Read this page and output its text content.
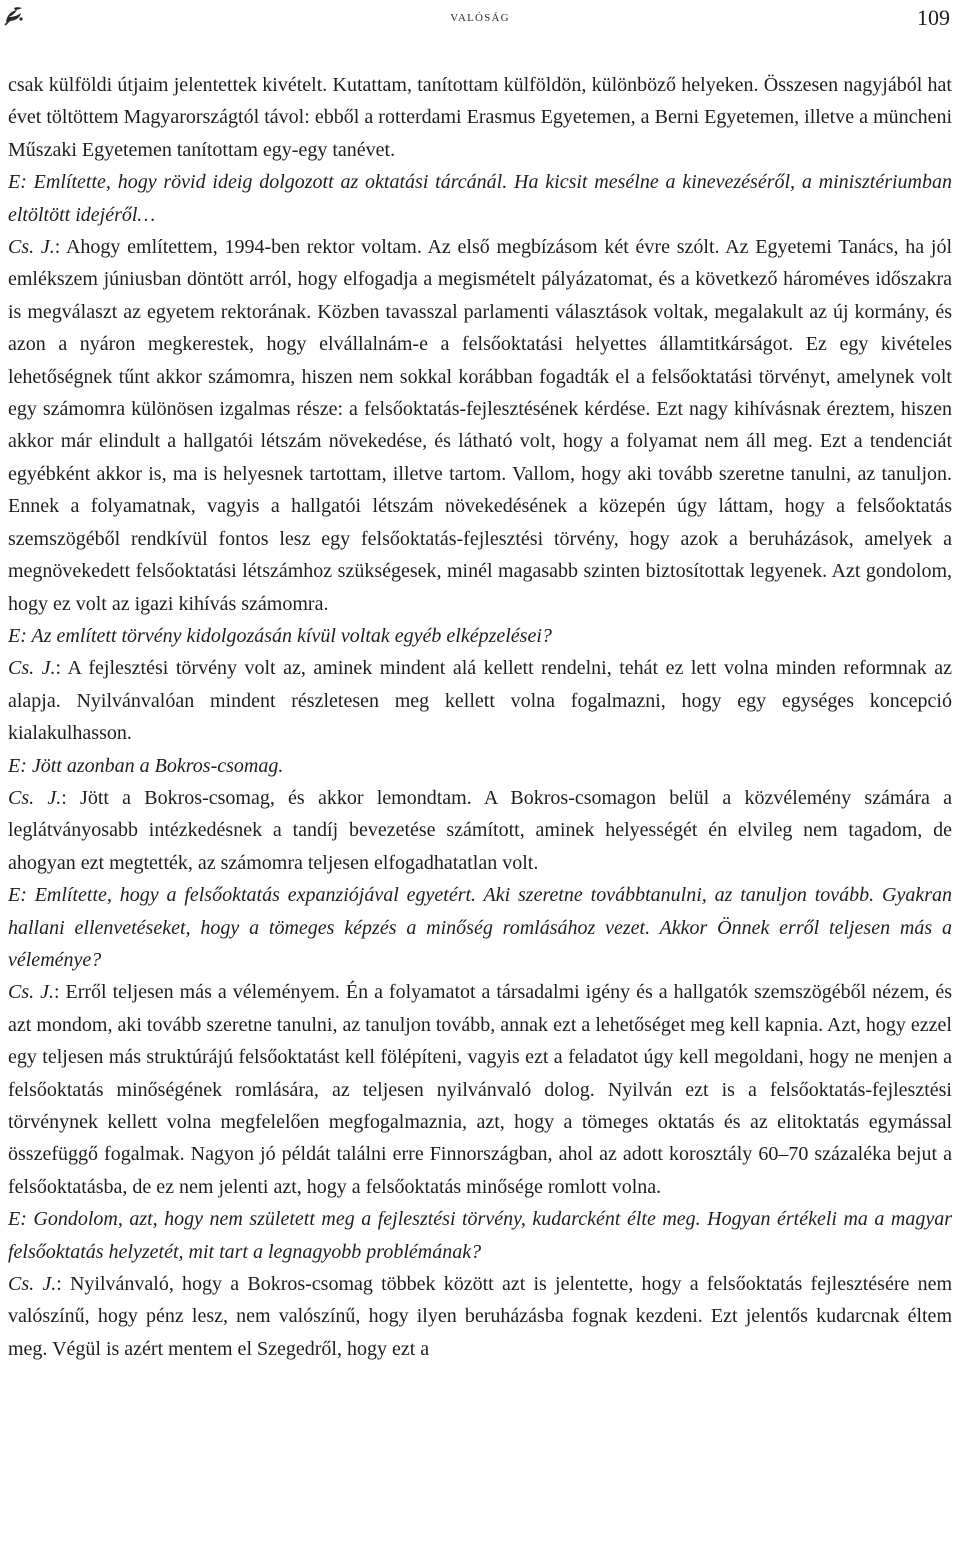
valóság	109

csak külföldi útjaim jelentettek kivételt. Kutattam, tanítottam külföldön, különböző helyeken. Összesen nagyjából hat évet töltöttem Magyarországtól távol: ebből a rotterdami Erasmus Egyetemen, a Berni Egyetemen, illetve a müncheni Műszaki Egyetemen tanítottam egy-egy tanévet.

E: Említette, hogy rövid ideig dolgozott az oktatási tárcánál. Ha kicsit mesélne a kinevezéséről, a minisztériumban eltöltött idejéről…

Cs. J.: Ahogy említettem, 1994-ben rektor voltam. Az első megbízásom két évre szólt. Az Egyetemi Tanács, ha jól emlékszem júniusban döntött arról, hogy elfogadja a megismételt pályázatomat, és a következő hároméves időszakra is megválaszt az egyetem rektorának. Közben tavasszal parlamenti választások voltak, megalakult az új kormány, és azon a nyáron megkerestek, hogy elvállalnám-e a felsőoktatási helyettes államtitkárságot. Ez egy kivételes lehetőségnek tűnt akkor számomra, hiszen nem sokkal korábban fogadták el a felsőoktatási törvényt, amelynek volt egy számomra különösen izgalmas része: a felsőoktatás-fejlesztésének kérdése. Ezt nagy kihívásnak éreztem, hiszen akkor már elindult a hallgatói létszám növekedése, és látható volt, hogy a folyamat nem áll meg. Ezt a tendenciát egyébként akkor is, ma is helyesnek tartottam, illetve tartom. Vallom, hogy aki tovább szeretne tanulni, az tanuljon. Ennek a folyamatnak, vagyis a hallgatói létszám növekedésének a közepén úgy láttam, hogy a felsőoktatás szemszögéből rendkívül fontos lesz egy felsőoktatás-fejlesztési törvény, hogy azok a beruházások, amelyek a megnövekedett felsőoktatási létszámhoz szükségesek, minél magasabb szinten biztosítottak legyenek. Azt gondolom, hogy ez volt az igazi kihívás számomra.

E: Az említett törvény kidolgozásán kívül voltak egyéb elképzelései?

Cs. J.: A fejlesztési törvény volt az, aminek mindent alá kellett rendelni, tehát ez lett volna minden reformnak az alapja. Nyilvánvalóan mindent részletesen meg kellett volna fogalmazni, hogy egy egységes koncepció kialakulhasson.

E: Jött azonban a Bokros-csomag.

Cs. J.: Jött a Bokros-csomag, és akkor lemondtam. A Bokros-csomagon belül a közvélemény számára a leglátványosabb intézkedésnek a tandíj bevezetése számított, aminek helyességét én elvileg nem tagadom, de ahogyan ezt megtették, az számomra teljesen elfogadhatatlan volt.

E: Említette, hogy a felsőoktatás expanziójával egyetért. Aki szeretne továbbtanulni, az tanuljon tovább. Gyakran hallani ellenvetéseket, hogy a tömeges képzés a minőség romlásához vezet. Akkor Önnek erről teljesen más a véleménye?

Cs. J.: Erről teljesen más a véleményem. Én a folyamatot a társadalmi igény és a hallgatók szemszögéből nézem, és azt mondom, aki tovább szeretne tanulni, az tanuljon tovább, annak ezt a lehetőséget meg kell kapnia. Azt, hogy ezzel egy teljesen más struktúrájú felsőoktatást kell fölépíteni, vagyis ezt a feladatot úgy kell megoldani, hogy ne menjen a felsőoktatás minőségének romlására, az teljesen nyilvánvaló dolog. Nyilván ezt is a felsőoktatás-fejlesztési törvénynek kellett volna megfelelően megfogalmaznia, azt, hogy a tömeges oktatás és az elitoktatás egymással összefüggő fogalmak. Nagyon jó példát találni erre Finnországban, ahol az adott korosztály 60–70 százaléka bejut a felsőoktatásba, de ez nem jelenti azt, hogy a felsőoktatás minősége romlott volna.

E: Gondolom, azt, hogy nem született meg a fejlesztési törvény, kudarcként élte meg. Hogyan értékeli ma a magyar felsőoktatás helyzetét, mit tart a legnagyobb problémának?

Cs. J.: Nyilvánvaló, hogy a Bokros-csomag többek között azt is jelentette, hogy a felsőoktatás fejlesztésére nem valószínű, hogy pénz lesz, nem valószínű, hogy ilyen beruházásba fognak kezdeni. Ezt jelentős kudarcnak éltem meg. Végül is azért mentem el Szegedről, hogy ezt a
